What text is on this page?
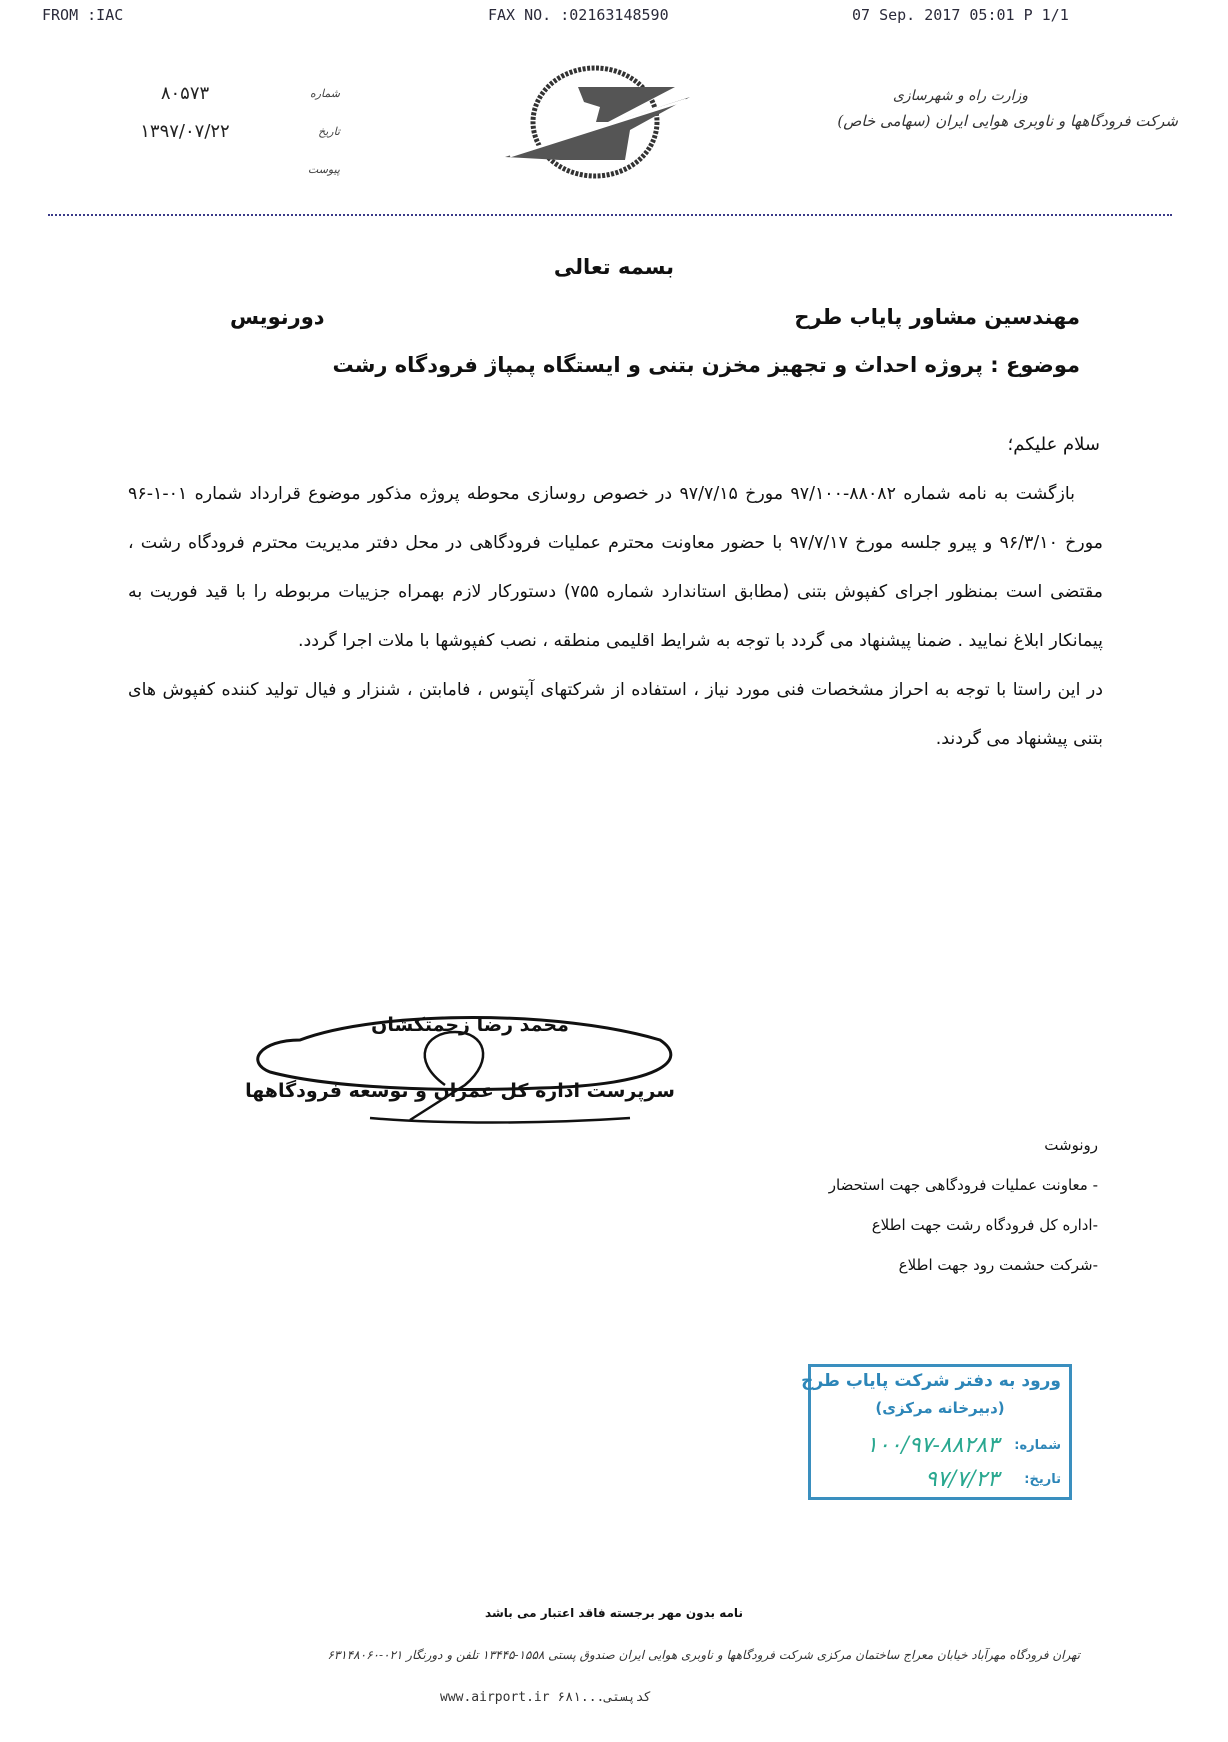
FROM :IAC	FAX NO. :02163148590	07 Sep. 2017 05:01 P 1/1
شماره
۸۰۵۷۳
تاریخ
۱۳۹۷/۰۷/۲۲
پیوست
وزارت راه و شهرسازی
شرکت فرودگاهها و ناوبری هوایی ایران (سهامی خاص)
بسمه تعالی
مهندسین مشاور پایاب طرح
دورنویس
موضوع : پروژه احداث و تجهیز مخزن بتنی و ایستگاه پمپاژ فرودگاه رشت
سلام علیکم؛

بازگشت به نامه شماره ۸۸۰۸۲-۹۷/۱۰۰ مورخ ۹۷/۷/۱۵ در خصوص روسازی محوطه پروژه مذکور موضوع قرارداد شماره ۰۱-۱-۹۶ مورخ ۹۶/۳/۱۰ و پیرو جلسه مورخ ۹۷/۷/۱۷ با حضور معاونت محترم عملیات فرودگاهی در محل دفتر مدیریت محترم فرودگاه رشت ، مقتضی است بمنظور اجرای کفپوش بتنی (مطابق استاندارد شماره ۷۵۵) دستورکار لازم بهمراه جزییات مربوطه را با قید فوریت به پیمانکار ابلاغ نمایید . ضمنا پیشنهاد می گردد با توجه به شرایط اقلیمی منطقه ، نصب کفپوشها با ملات اجرا گردد.

در این راستا با توجه به احراز مشخصات فنی مورد نیاز ، استفاده از شرکتهای آپتوس ، فامابتن ، شنزار و فیال تولید کننده کفپوش های بتنی پیشنهاد می گردند.

محمد رضا زحمتکشان
سرپرست اداره کل عمران و توسعه فرودگاهها
رونوشت
- معاونت عملیات فرودگاهی جهت استحضار
-اداره کل فرودگاه رشت جهت اطلاع
-شرکت حشمت رود جهت اطلاع
ورود به دفتر شرکت پایاب طرح
(دبیرخانه مرکزی)
شماره:
۱۰۰/۹۷-۸۸۲۸۳
تاریخ:
۹۷/۷/۲۳
نامه بدون مهر برجسته فاقد اعتبار می باشد
تهران فرودگاه مهرآباد خیابان معراج ساختمان مرکزی شرکت فرودگاهها و ناوبری هوایی ایران صندوق پستی ۱۵۵۸-۱۳۴۴۵ تلفن و دورنگار ۰۲۱-۶۳۱۴۸۰۶۰
www.airport.ir ۶۸۱...کدپستی
